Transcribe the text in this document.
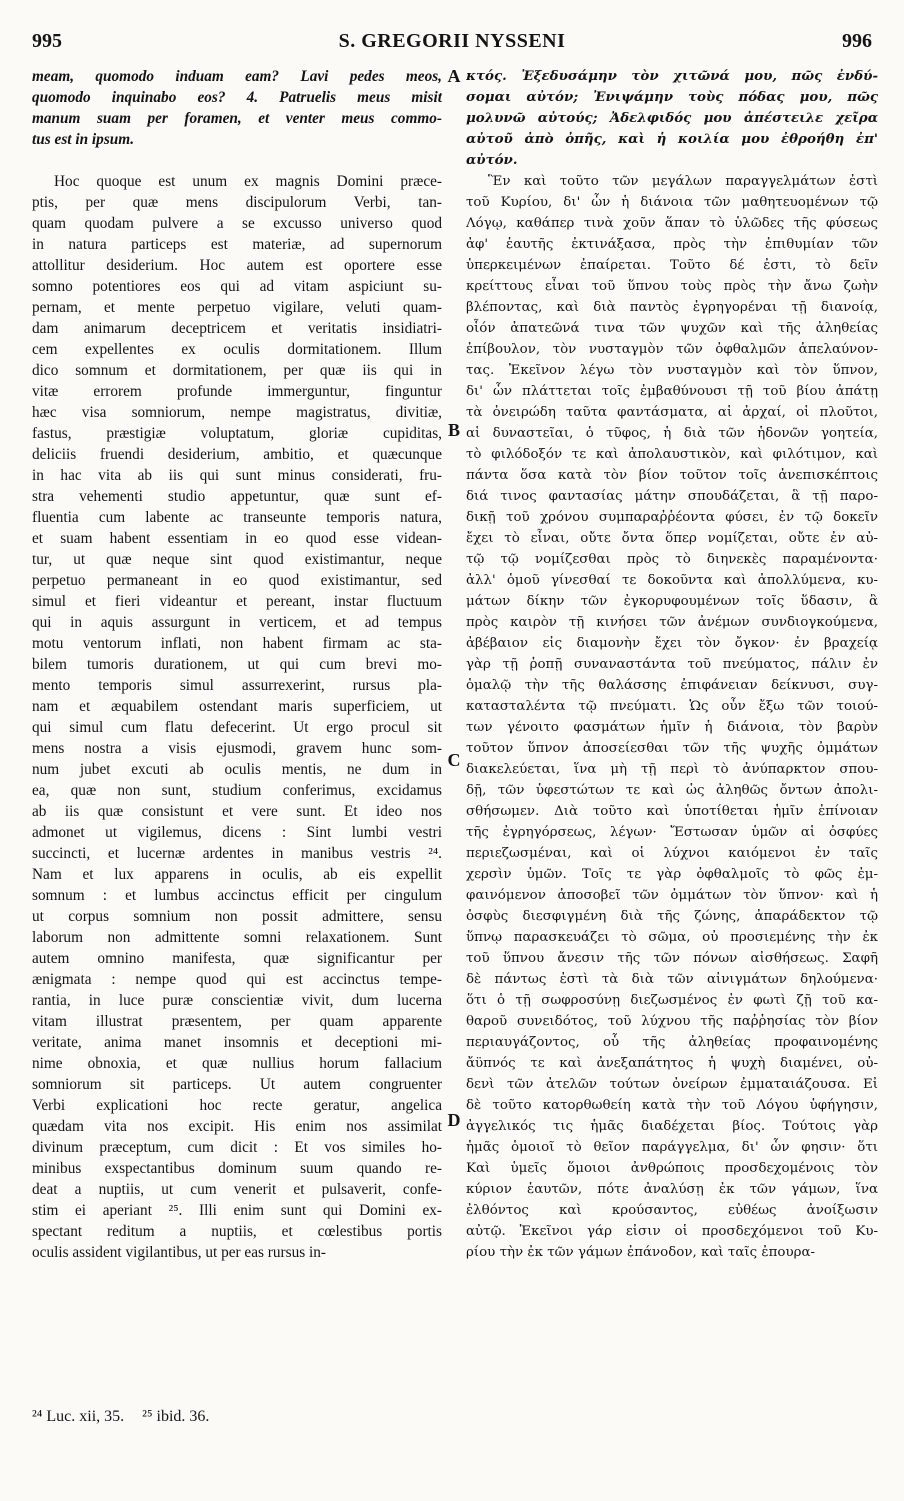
995	S. GREGORII NYSSENI	996
meam, quomodo induam eam? Lavi pedes meos,
quomodo inquinabo eos? 4. Patruelis meus misit
manum suam per foramen, et venter meus commo-
tus est in ipsum.
Hoc quoque est unum ex magnis Domini præce-
ptis, per quæ mens discipulorum Verbi, tan-
quam quodam pulvere a se excusso universo quod
in natura particeps est materiæ, ad supernorum
attollitur desiderium. Hoc autem est oportere esse
somno potentiores eos qui ad vitam aspiciunt su-
pernam, et mente perpetuo vigilare, veluti quam-
dam animarum deceptricem et veritatis insidiatri-
cem expellentes ex oculis dormitationem. Illum
dico somnum et dormitationem, per quæ iis qui in
vitæ errorem profunde immerguntur, finguntur
hæc visa somniorum, nempe magistratus, divitiæ,
fastus, præstigiæ voluptatum, gloriæ cupiditas,
deliciis fruendi desiderium, ambitio, et quæcunque
in hac vita ab iis qui sunt minus considerati, fru-
stra vehementi studio appetuntur, quæ sunt ef-
fluentia cum labente ac transeunte temporis natura,
et suam habent essentiam in eo quod esse videan-
tur, ut quæ neque sint quod existimantur, neque
perpetuo permaneant in eo quod existimantur, sed
simul et fieri videantur et pereant, instar fluctuum
qui in aquis assurgunt in verticem, et ad tempus
motu ventorum inflati, non habent firmam ac sta-
bilem tumoris durationem, ut qui cum brevi mo-
mento temporis simul assurrexerint, rursus pla-
nam et æquabilem ostendant maris superficiem, ut
qui simul cum flatu defecerint. Ut ergo procul sit
mens nostra a visis ejusmodi, gravem hunc som-
num jubet excuti ab oculis mentis, ne dum in
ea, quæ non sunt, studium conferimus, excidamus
ab iis quæ consistunt et vere sunt. Et ideo nos
admonet ut vigilemus, dicens : Sint lumbi vestri
succincti, et lucernæ ardentes in manibus vestris ²⁴.
Nam et lux apparens in oculis, ab eis expellit
somnum : et lumbus accinctus efficit per cingulum
ut corpus somnium non possit admittere, sensu
laborum non admittente somni relaxationem. Sunt
autem omnino manifesta, quæ significantur per
ænigmata : nempe quod qui est accinctus tempe-
rantia, in luce puræ conscientiæ vivit, dum lucerna
vitam illustrat præsentem, per quam apparente
veritate, anima manet insomnis et deceptioni mi-
nime obnoxia, et quæ nullius horum fallacium
somniorum sit particeps. Ut autem congruenter
Verbi explicationi hoc recte geratur, angelica
quædam vita nos excipit. His enim nos assimilat
divinum præceptum, cum dicit : Et vos similes ho-
minibus exspectantibus dominum suum quando re-
deat a nuptiis, ut cum venerit et pulsaverit, confe-
stim ei aperiant ²⁵. Illi enim sunt qui Domini ex-
spectant reditum a nuptiis, et cœlestibus portis
oculis assident vigilantibus, ut per eas rursus in-
A
B
C
D
κτός. Ἐξεδυσάμην τὸν χιτῶνά μου, πῶς ἐνδύ-
σομαι αὐτόν; Ἐνιψάμην τοὺς πόδας μου, πῶς
μολυνῶ αὐτούς; Ἀδελφιδός μου ἀπέστειλε χεῖρα
αὐτοῦ ἀπὸ ὀπῆς, καὶ ἡ κοιλία μου ἐθροήθη ἐπ'
αὐτόν.
Ἓν καὶ τοῦτο τῶν μεγάλων παραγγελμάτων ἐστὶ
τοῦ Κυρίου, δι' ὧν ἡ διάνοια τῶν μαθητευομένων τῷ
Λόγῳ, καθάπερ τινὰ χοῦν ἅπαν τὸ ὑλῶδες τῆς φύσεως
ἀφ' ἑαυτῆς ἐκτινάξασα, πρὸς τὴν ἐπιθυμίαν τῶν
ὑπερκειμένων ἐπαίρεται. Τοῦτο δέ ἐστι, τὸ δεῖν
κρείττους εἶναι τοῦ ὕπνου τοὺς πρὸς τὴν ἄνω ζωὴν
βλέποντας, καὶ διὰ παντὸς ἐγρηγορέναι τῇ διανοίᾳ,
οἷόν ἀπατεῶνά τινα τῶν ψυχῶν καὶ τῆς ἀληθείας
ἐπίβουλον, τὸν νυσταγμὸν τῶν ὀφθαλμῶν ἀπελαύνον-
τας. Ἐκεῖνον λέγω τὸν νυσταγμὸν καὶ τὸν ὕπνον,
δι' ὧν πλάττεται τοῖς ἐμβαθύνουσι τῇ τοῦ βίου ἀπάτῃ
τὰ ὀνειρώδη ταῦτα φαντάσματα, αἱ ἀρχαί, οἱ πλοῦτοι,
αἱ δυναστεῖαι, ὁ τῦφος, ἡ διὰ τῶν ἡδονῶν γοητεία,
τὸ φιλόδοξόν τε καὶ ἀπολαυστικὸν, καὶ φιλότιμον, καὶ
πάντα ὅσα κατὰ τὸν βίον τοῦτον τοῖς ἀνεπισκέπτοις
διά τινος φαντασίας μάτην σπουδάζεται, ἃ τῇ παρο-
δικῇ τοῦ χρόνου συμπαραῤῥέοντα φύσει, ἐν τῷ δοκεῖν
ἔχει τὸ εἶναι, οὔτε ὄντα ὅπερ νομίζεται, οὔτε ἐν αὐ-
τῷ τῷ νομίζεσθαι πρὸς τὸ διηνεκὲς παραμένοντα·
ἀλλ' ὁμοῦ γίνεσθαί τε δοκοῦντα καὶ ἀπολλύμενα, κυ-
μάτων δίκην τῶν ἐγκορυφουμένων τοῖς ὕδασιν, ἃ
πρὸς καιρὸν τῇ κινήσει τῶν ἀνέμων συνδιογκούμενα,
ἀβέβαιον εἰς διαμονὴν ἔχει τὸν ὄγκον· ἐν βραχείᾳ
γὰρ τῇ ῥοπῇ συναναστάντα τοῦ πνεύματος, πάλιν ἐν
ὁμαλῷ τὴν τῆς θαλάσσης ἐπιφάνειαν δείκνυσι, συγ-
κατασταλέντα τῷ πνεύματι. Ὡς οὖν ἔξω τῶν τοιού-
των γένοιτο φασμάτων ἡμῖν ἡ διάνοια, τὸν βαρὺν
τοῦτον ὕπνον ἀποσείεσθαι τῶν τῆς ψυχῆς ὀμμάτων
διακελεύεται, ἵνα μὴ τῇ περὶ τὸ ἀνύπαρκτον σπου-
δῇ, τῶν ὑφεστώτων τε καὶ ὡς ἀληθῶς ὄντων ἀπολι-
σθήσωμεν. Διὰ τοῦτο καὶ ὑποτίθεται ἡμῖν ἐπίνοιαν
τῆς ἐγρηγόρσεως, λέγων· Ἔστωσαν ὑμῶν αἱ ὀσφύες
περιεζωσμέναι, καὶ οἱ λύχνοι καιόμενοι ἐν ταῖς
χερσὶν ὑμῶν. Τοῖς τε γὰρ ὀφθαλμοῖς τὸ φῶς ἐμ-
φαινόμενον ἀποσοβεῖ τῶν ὀμμάτων τὸν ὕπνον· καὶ ἡ
ὀσφὺς διεσφιγμένη διὰ τῆς ζώνης, ἀπαράδεκτον τῷ
ὕπνῳ παρασκευάζει τὸ σῶμα, οὐ προσιεμένης τὴν ἐκ
τοῦ ὕπνου ἄνεσιν τῆς τῶν πόνων αἰσθήσεως. Σαφῆ
δὲ πάντως ἐστὶ τὰ διὰ τῶν αἰνιγμάτων δηλούμενα·
ὅτι ὁ τῇ σωφροσύνῃ διεζωσμένος ἐν φωτὶ ζῇ τοῦ κα-
θαροῦ συνειδότος, τοῦ λύχνου τῆς παῤῥησίας τὸν βίον
περιαυγάζοντος, οὗ τῆς ἀληθείας προφαινομένης
ἄϋπνός τε καὶ ἀνεξαπάτητος ἡ ψυχὴ διαμένει, οὐ-
δενὶ τῶν ἀτελῶν τούτων ὀνείρων ἐμματαιάζουσα. Εἰ
δὲ τοῦτο κατορθωθείη κατὰ τὴν τοῦ Λόγου ὑφήγησιν,
ἀγγελικός τις ἡμᾶς διαδέχεται βίος. Τούτοις γὰρ
ἡμᾶς ὁμοιοῖ τὸ θεῖον παράγγελμα, δι' ὧν φησιν· ὅτι
Καὶ ὑμεῖς ὅμοιοι ἀνθρώποις προσδεχομένοις τὸν
κύριον ἑαυτῶν, πότε ἀναλύσῃ ἐκ τῶν γάμων, ἵνα
ἐλθόντος καὶ κρούσαντος, εὐθέως ἀνοίξωσιν
αὐτῷ. Ἐκεῖνοι γάρ εἰσιν οἱ προσδεχόμενοι τοῦ Κυ-
ρίου τὴν ἐκ τῶν γάμων ἐπάνοδον, καὶ ταῖς ἐπουρα-
²⁴ Luc. xii, 35. ²⁵ ibid. 36.
